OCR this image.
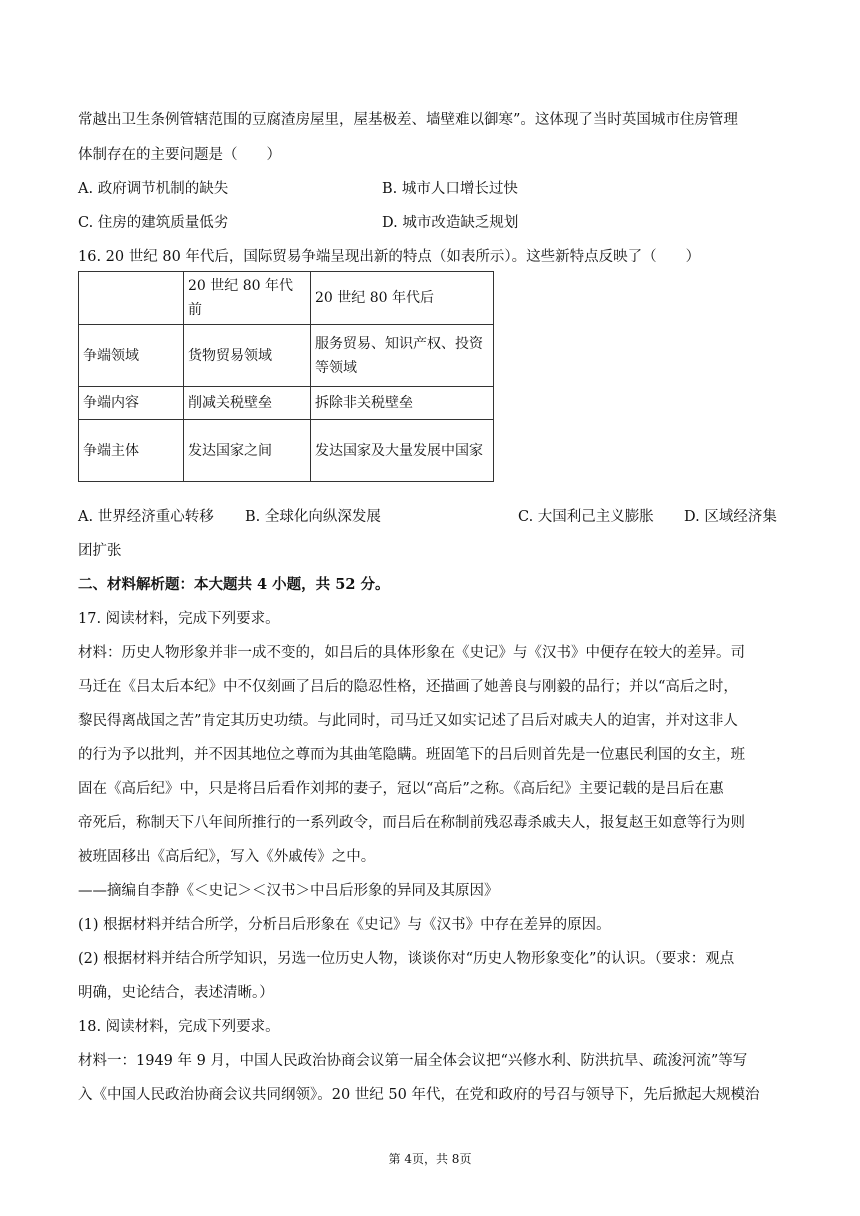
常越出卫生条例管辖范围的豆腐渣房屋里，屋基极差、墙壁难以御寒”。这体现了当时英国城市住房管理
体制存在的主要问题是（　　）
A. 政府调节机制的缺失	B. 城市人口增长过快
C. 住房的建筑质量低劣	D. 城市改造缺乏规划
16. 20 世纪 80 年代后，国际贸易争端呈现出新的特点（如表所示）。这些新特点反映了（　　）
	20 世纪 80 年代前	20 世纪 80 年代后
争端领域	货物贸易领域	服务贸易、知识产权、投资等领域
争端内容	削减关税壁垒	拆除非关税壁垒
争端主体	发达国家之间	发达国家及大量发展中国家
A. 世界经济重心转移 B. 全球化向纵深发展	C. 大国利己主义膨胀 D. 区域经济集
团扩张
二、材料解析题：本大题共 4 小题，共 52 分。
17. 阅读材料，完成下列要求。
材料：历史人物形象并非一成不变的，如吕后的具体形象在《史记》与《汉书》中便存在较大的差异。司
马迁在《吕太后本纪》中不仅刻画了吕后的隐忍性格，还描画了她善良与刚毅的品行；并以“高后之时，
黎民得离战国之苦”肯定其历史功绩。与此同时，司马迁又如实记述了吕后对戚夫人的迫害，并对这非人
的行为予以批判，并不因其地位之尊而为其曲笔隐瞒。班固笔下的吕后则首先是一位惠民利国的女主，班
固在《高后纪》中，只是将吕后看作刘邦的妻子，冠以“高后”之称。《高后纪》主要记载的是吕后在惠
帝死后，称制天下八年间所推行的一系列政令，而吕后在称制前残忍毒杀戚夫人，报复赵王如意等行为则
被班固移出《高后纪》，写入《外戚传》之中。
——摘编自李静《＜史记＞＜汉书＞中吕后形象的异同及其原因》
(1) 根据材料并结合所学，分析吕后形象在《史记》与《汉书》中存在差异的原因。
(2) 根据材料并结合所学知识，另选一位历史人物，谈谈你对“历史人物形象变化”的认识。（要求：观点
明确，史论结合，表述清晰。）
18. 阅读材料，完成下列要求。
材料一：1949 年 9 月，中国人民政治协商会议第一届全体会议把“兴修水利、防洪抗旱、疏浚河流”等写
入《中国人民政治协商会议共同纲领》。20 世纪 50 年代，在党和政府的号召与领导下，先后掀起大规模治
第 4页，共 8页
